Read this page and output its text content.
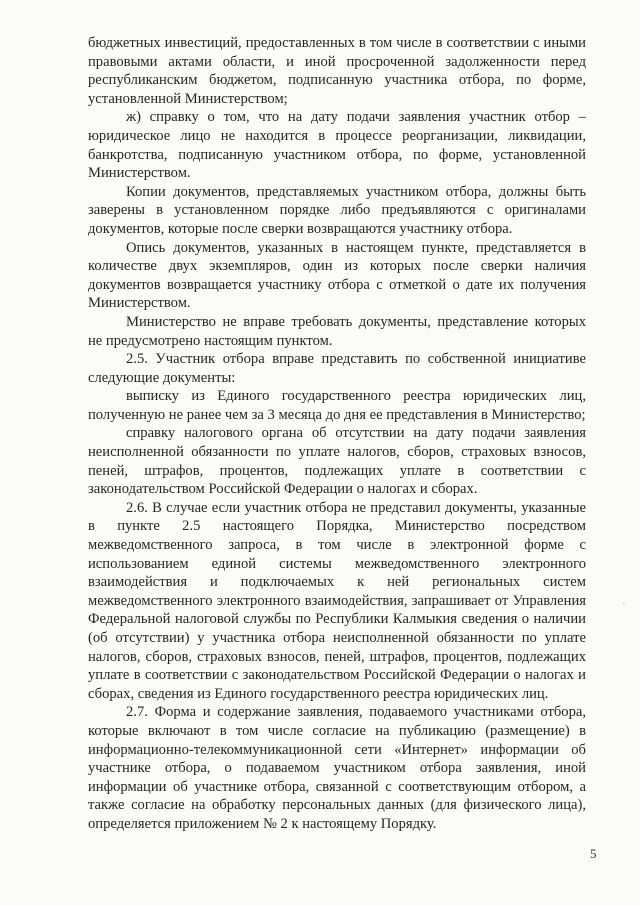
бюджетных инвестиций, предоставленных в том числе в соответствии с иными правовыми актами области, и иной просроченной задолженности перед республиканским бюджетом, подписанную участника отбора, по форме, установленной Министерством;

ж) справку о том, что на дату подачи заявления участник отбор – юридическое лицо не находится в процессе реорганизации, ликвидации, банкротства, подписанную участником отбора, по форме, установленной Министерством.

Копии документов, представляемых участником отбора, должны быть заверены в установленном порядке либо предъявляются с оригиналами документов, которые после сверки возвращаются участнику отбора.

Опись документов, указанных в настоящем пункте, представляется в количестве двух экземпляров, один из которых после сверки наличия документов возвращается участнику отбора с отметкой о дате их получения Министерством.

Министерство не вправе требовать документы, представление которых не предусмотрено настоящим пунктом.

2.5. Участник отбора вправе представить по собственной инициативе следующие документы:

выписку из Единого государственного реестра юридических лиц, полученную не ранее чем за 3 месяца до дня ее представления в Министерство;

справку налогового органа об отсутствии на дату подачи заявления неисполненной обязанности по уплате налогов, сборов, страховых взносов, пеней, штрафов, процентов, подлежащих уплате в соответствии с законодательством Российской Федерации о налогах и сборах.

2.6. В случае если участник отбора не представил документы, указанные в пункте 2.5 настоящего Порядка, Министерство посредством межведомственного запроса, в том числе в электронной форме с использованием единой системы межведомственного электронного взаимодействия и подключаемых к ней региональных систем межведомственного электронного взаимодействия, запрашивает от Управления Федеральной налоговой службы по Республики Калмыкия сведения о наличии (об отсутствии) у участника отбора неисполненной обязанности по уплате налогов, сборов, страховых взносов, пеней, штрафов, процентов, подлежащих уплате в соответствии с законодательством Российской Федерации о налогах и сборах, сведения из Единого государственного реестра юридических лиц.

2.7. Форма и содержание заявления, подаваемого участниками отбора, которые включают в том числе согласие на публикацию (размещение) в информационно-телекоммуникационной сети «Интернет» информации об участнике отбора, о подаваемом участником отбора заявления, иной информации об участнике отбора, связанной с соответствующим отбором, а также согласие на обработку персональных данных (для физического лица), определяется приложением № 2 к настоящему Порядку.

·
5
